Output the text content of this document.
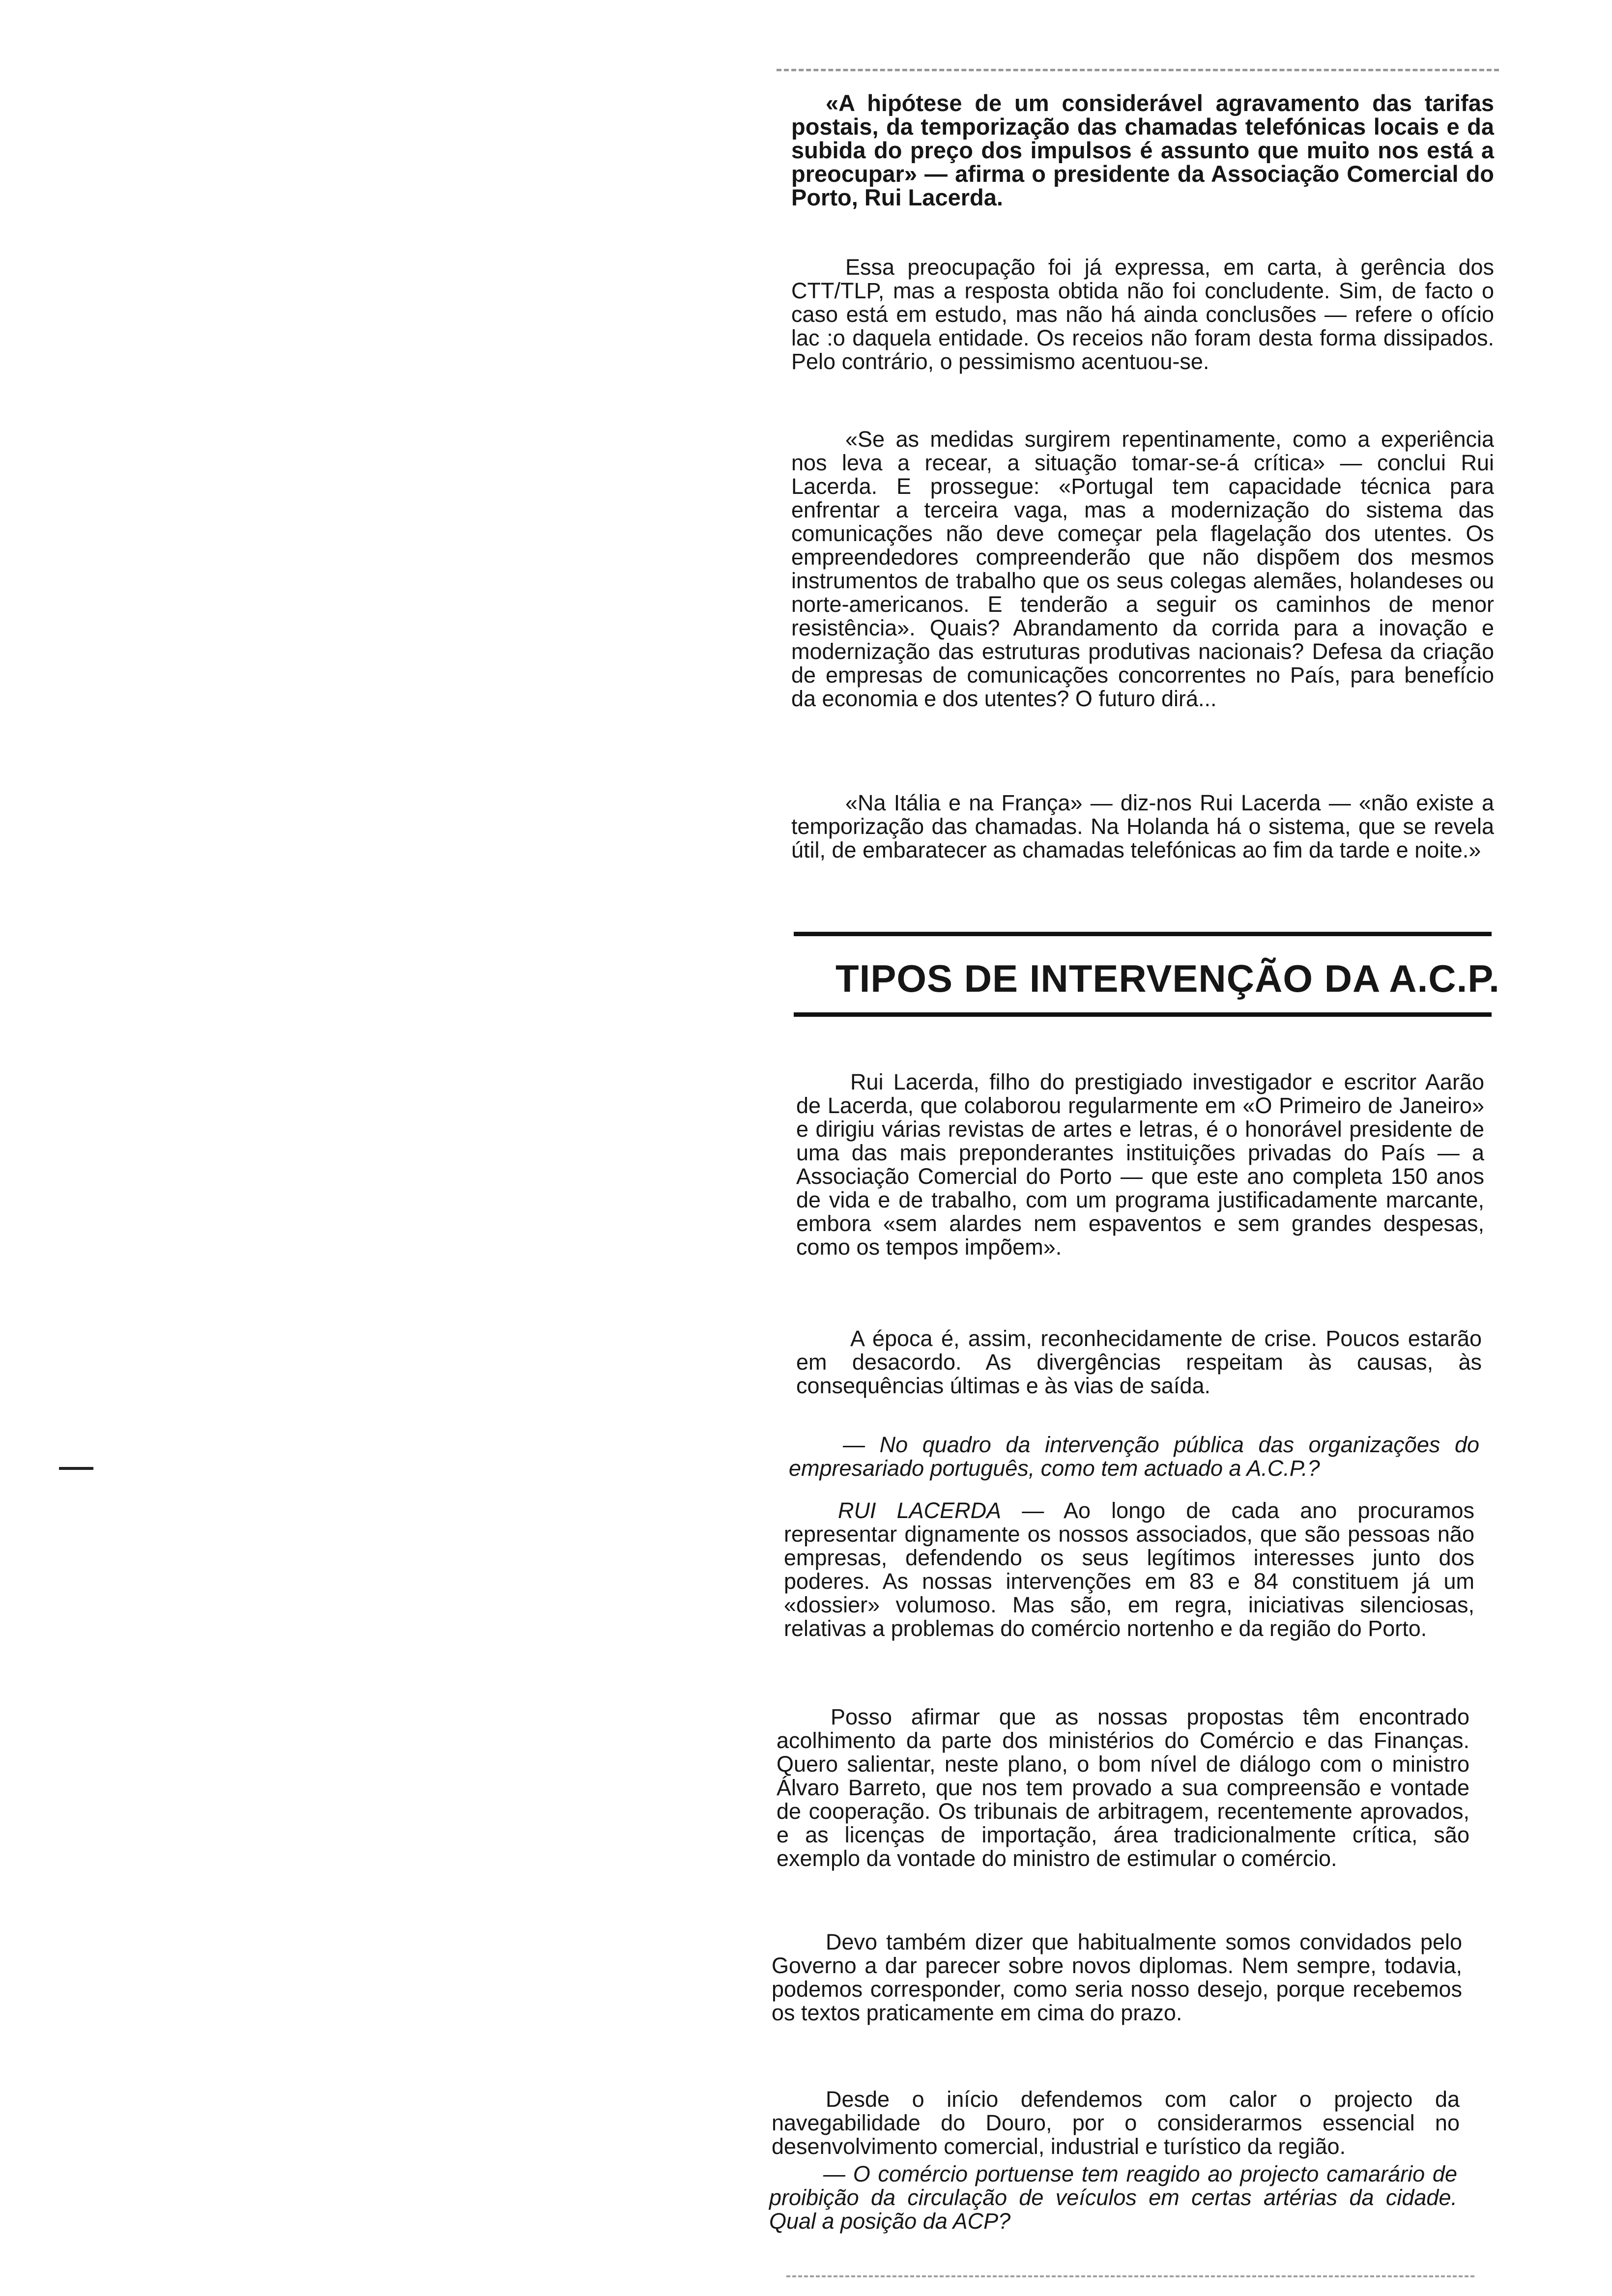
«A hipótese de um considerável agravamento das tarifas postais, da temporização das chamadas telefónicas locais e da subida do preço dos impulsos é assunto que muito nos está a preocupar» — afirma o presidente da Associação Comercial do Porto, Rui Lacerda.

Essa preocupação foi já expressa, em carta, à gerência dos CTT/TLP, mas a resposta obtida não foi concludente. Sim, de facto o caso está em estudo, mas não há ainda conclusões — refere o ofício lac :o daquela entidade. Os receios não foram desta forma dissipados. Pelo contrário, o pessimismo acentuou-se.

«Se as medidas surgirem repentinamente, como a experiência nos leva a recear, a situação tomar-se-á crítica» — conclui Rui Lacerda. E prossegue: «Portugal tem capacidade técnica para enfrentar a terceira vaga, mas a modernização do sistema das comunicações não deve começar pela flagelação dos utentes. Os empreendedores compreenderão que não dispõem dos mesmos instrumentos de trabalho que os seus colegas alemães, holandeses ou norte-americanos. E tenderão a seguir os caminhos de menor resistência». Quais? Abrandamento da corrida para a inovação e modernização das estruturas produtivas nacionais? Defesa da criação de empresas de comunicações concorrentes no País, para benefício da economia e dos utentes? O futuro dirá...

«Na Itália e na França» — diz-nos Rui Lacerda — «não existe a temporização das chamadas. Na Holanda há o sistema, que se revela útil, de embaratecer as chamadas telefónicas ao fim da tarde e noite.»

TIPOS DE INTERVENÇÃO DA A.C.P.

Rui Lacerda, filho do prestigiado investigador e escritor Aarão de Lacerda, que colaborou regularmente em «O Primeiro de Janeiro» e dirigiu várias revistas de artes e letras, é o honorável presidente de uma das mais preponderantes instituições privadas do País — a Associação Comercial do Porto — que este ano completa 150 anos de vida e de trabalho, com um programa justificadamente marcante, embora «sem alardes nem espaventos e sem grandes despesas, como os tempos impõem».

A época é, assim, reconhecidamente de crise. Poucos estarão em desacordo. As divergências respeitam às causas, às consequências últimas e às vias de saída.

— No quadro da intervenção pública das organizações do empresariado português, como tem actuado a A.C.P.?

RUI LACERDA — Ao longo de cada ano procuramos representar dignamente os nossos associados, que são pessoas não empresas, defendendo os seus legítimos interesses junto dos poderes. As nossas intervenções em 83 e 84 constituem já um «dossier» volumoso. Mas são, em regra, iniciativas silenciosas, relativas a problemas do comércio nortenho e da região do Porto.

Posso afirmar que as nossas propostas têm encontrado acolhimento da parte dos ministérios do Comércio e das Finanças. Quero salientar, neste plano, o bom nível de diálogo com o ministro Álvaro Barreto, que nos tem provado a sua compreensão e vontade de cooperação. Os tribunais de arbitragem, recentemente aprovados, e as licenças de importação, área tradicionalmente crítica, são exemplo da vontade do ministro de estimular o comércio.

Devo também dizer que habitualmente somos convidados pelo Governo a dar parecer sobre novos diplomas. Nem sempre, todavia, podemos corresponder, como seria nosso desejo, porque recebemos os textos praticamente em cima do prazo.

Desde o início defendemos com calor o projecto da navegabilidade do Douro, por o considerarmos essencial no desenvolvimento comercial, industrial e turístico da região.

— O comércio portuense tem reagido ao projecto camarário de proibição da circulação de veículos em certas artérias da cidade. Qual a posição da ACP?
